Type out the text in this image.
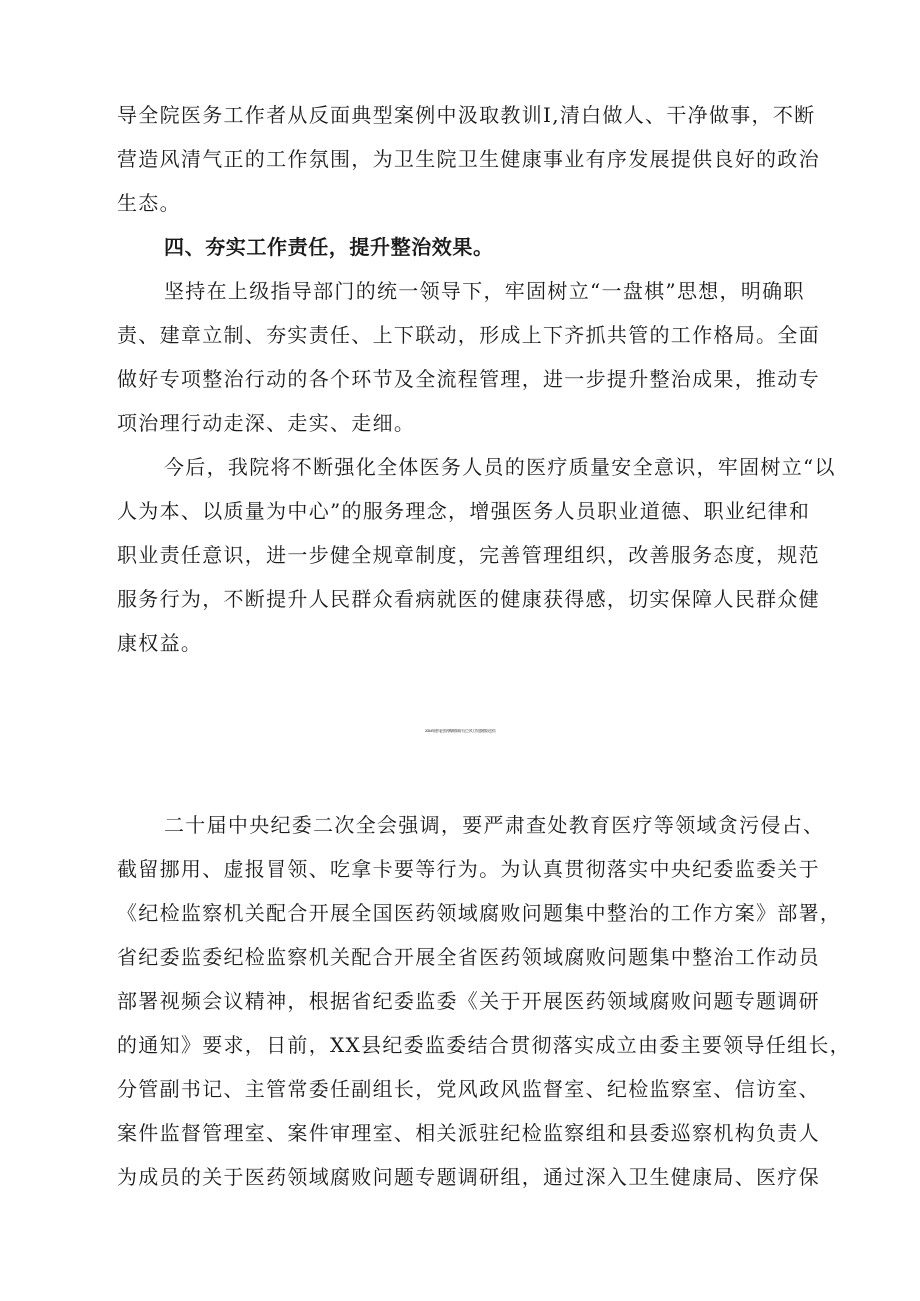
导全院医务工作者从反面典型案例中汲取教训I,清白做人、干净做事，不断
营造风清气正的工作氛围，为卫生院卫生健康事业有序发展提供良好的政治
生态。
四、夯实工作责任，提升整治效果。
坚持在上级指导部门的统一领导下，牢固树立“一盘棋”思想，明确职
责、建章立制、夯实责任、上下联动，形成上下齐抓共管的工作格局。全面
做好专项整治行动的各个环节及全流程管理，进一步提升整治成果，推动专
项治理行动走深、走实、走细。
今后，我院将不断强化全体医务人员的医疗质量安全意识，牢固树立“以
人为本、以质量为中心”的服务理念，增强医务人员职业道德、职业纪律和
职业责任意识，进一步健全规章制度，完善管理组织，改善服务态度，规范
服务行为，不断提升人民群众看病就医的健康获得感，切实保障人民群众健
康权益。
2024年度纠正医药购销领域不正之风工作进展情况总结
二十届中央纪委二次全会强调，要严肃查处教育医疗等领域贪污侵占、
截留挪用、虚报冒领、吃拿卡要等行为。为认真贯彻落实中央纪委监委关于
《纪检监察机关配合开展全国医药领域腐败问题集中整治的工作方案》部署，
省纪委监委纪检监察机关配合开展全省医药领域腐败问题集中整治工作动员
部署视频会议精神，根据省纪委监委《关于开展医药领域腐败问题专题调研
的通知》要求，日前，XX县纪委监委结合贯彻落实成立由委主要领导任组长，
分管副书记、主管常委任副组长，党风政风监督室、纪检监察室、信访室、
案件监督管理室、案件审理室、相关派驻纪检监察组和县委巡察机构负责人
为成员的关于医药领域腐败问题专题调研组，通过深入卫生健康局、医疗保
